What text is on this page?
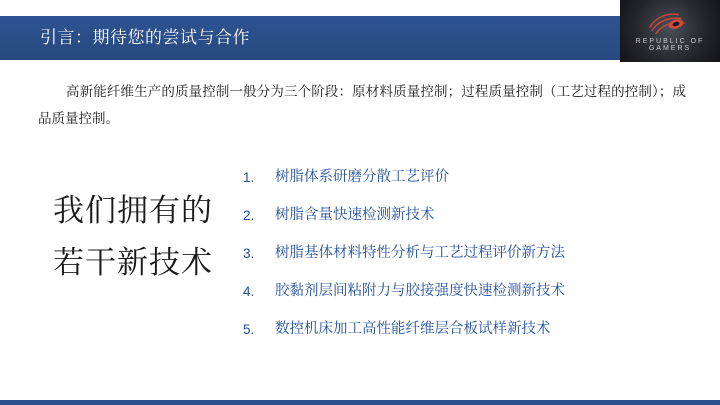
引言：期待您的尝试与合作	REPUBLIC OF GAMERS
高新能纤维生产的质量控制一般分为三个阶段：原材料质量控制；过程质量控制（工艺过程的控制）；成品质量控制。
我们拥有的
若干新技术
1.	树脂体系研磨分散工艺评价
2.	树脂含量快速检测新技术
3.	树脂基体材料特性分析与工艺过程评价新方法
4.	胶黏剂层间粘附力与胶接强度快速检测新技术
5.	数控机床加工高性能纤维层合板试样新技术
